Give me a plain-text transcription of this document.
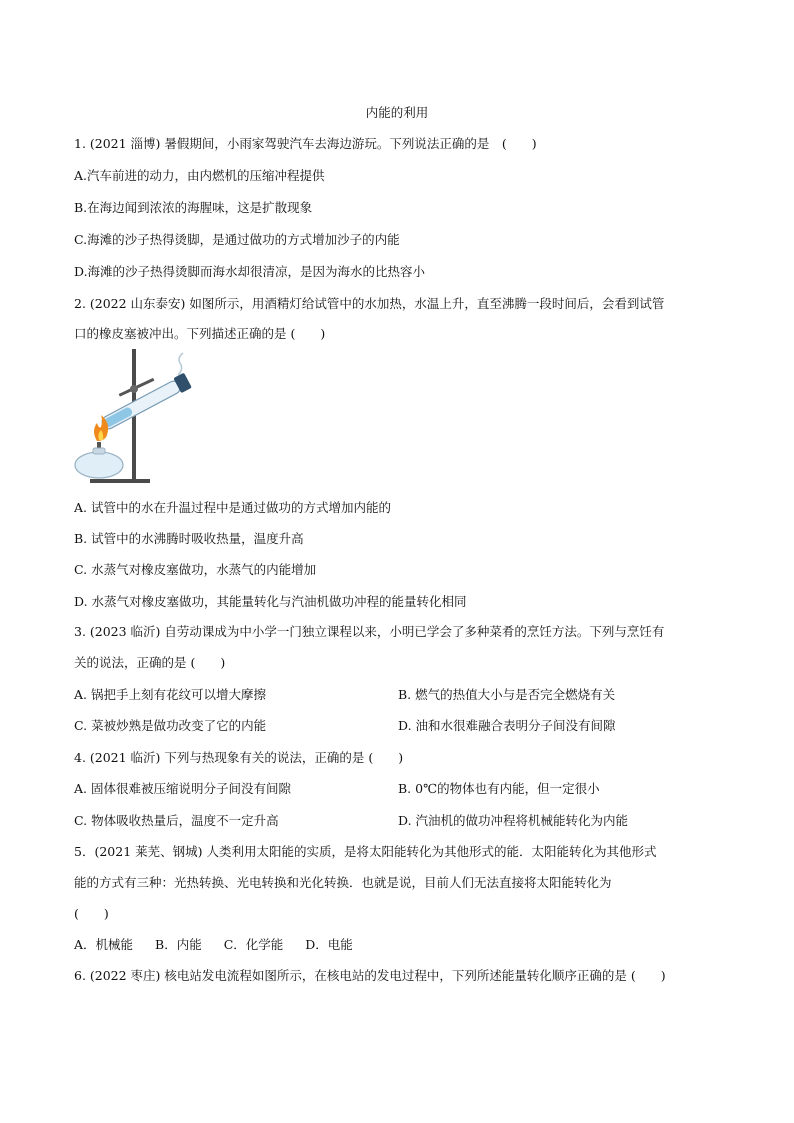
内能的利用
1. (2021 淄博) 暑假期间，小雨家驾驶汽车去海边游玩。下列说法正确的是　(　　)
A.汽车前进的动力，由内燃机的压缩冲程提供
B.在海边闻到浓浓的海腥味，这是扩散现象
C.海滩的沙子热得烫脚，是通过做功的方式增加沙子的内能
D.海滩的沙子热得烫脚而海水却很清凉，是因为海水的比热容小
2. (2022 山东泰安) 如图所示，用酒精灯给试管中的水加热，水温上升，直至沸腾一段时间后，会看到试管
口的橡皮塞被冲出。下列描述正确的是 (　　)
A. 试管中的水在升温过程中是通过做功的方式增加内能的
B. 试管中的水沸腾时吸收热量，温度升高
C. 水蒸气对橡皮塞做功，水蒸气的内能增加
D. 水蒸气对橡皮塞做功，其能量转化与汽油机做功冲程的能量转化相同
3. (2023 临沂) 自劳动课成为中小学一门独立课程以来，小明已学会了多种菜肴的烹饪方法。下列与烹饪有
关的说法，正确的是 (　　)
A. 锅把手上刻有花纹可以增大摩擦	B. 燃气的热值大小与是否完全燃烧有关
C. 菜被炒熟是做功改变了它的内能	D. 油和水很难融合表明分子间没有间隙
4. (2021 临沂) 下列与热现象有关的说法，正确的是 (　　)
A. 固体很难被压缩说明分子间没有间隙	B. 0℃的物体也有内能，但一定很小
C. 物体吸收热量后，温度不一定升高	D. 汽油机的做功冲程将机械能转化为内能
5．(2021 莱芜、钢城) 人类利用太阳能的实质，是将太阳能转化为其他形式的能．太阳能转化为其他形式
能的方式有三种：光热转换、光电转换和光化转换．也就是说，目前人们无法直接将太阳能转化为
(　　)
A．机械能 B．内能 C．化学能 D．电能
6. (2022 枣庄) 核电站发电流程如图所示，在核电站的发电过程中，下列所述能量转化顺序正确的是 (　　)
